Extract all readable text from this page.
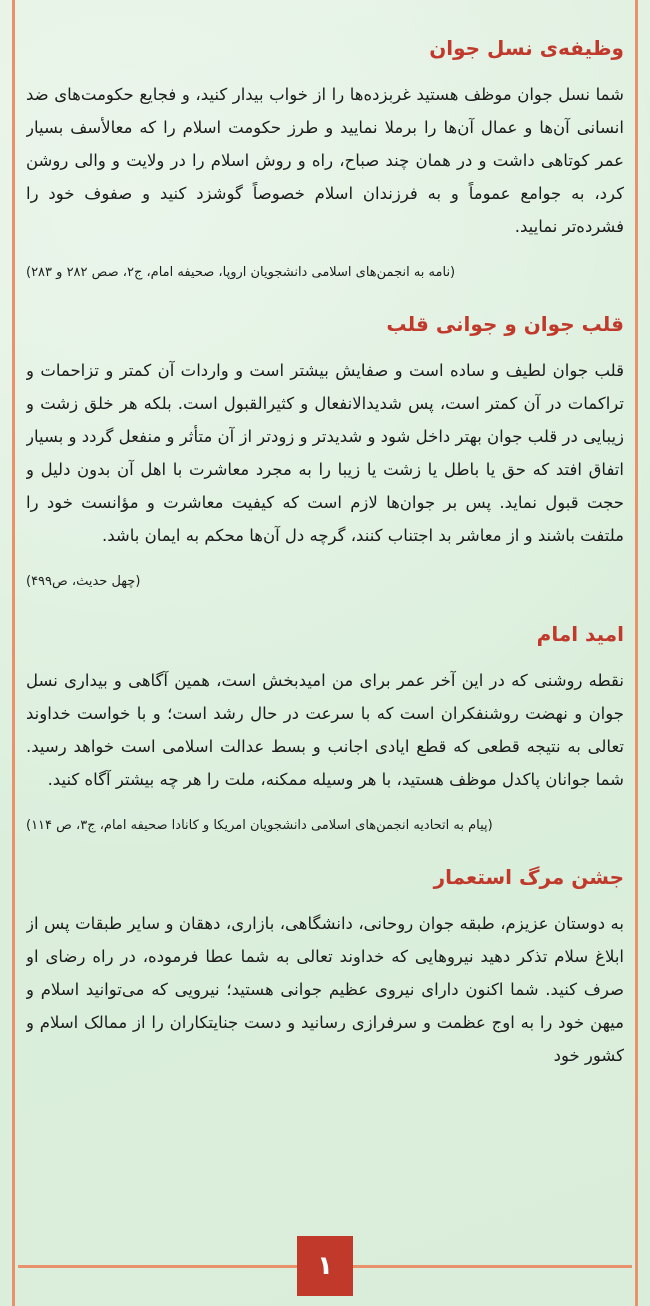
وظیفه‌ی نسل جوان

شما نسل جوان موظف هستید غربزده‌ها را از خواب بیدار کنید، و فجایع حکومت‌های ضد انسانی آن‌ها و عمال آن‌ها را برملا نمایید و طرز حکومت اسلام را که معالأسف بسیار عمر کوتاهی داشت و در همان چند صباح، راه و روش اسلام را در ولایت و والی روشن کرد، به جوامع عموماً و به فرزندان اسلام خصوصاً گوشزد کنید و صفوف خود را فشرده‌تر نمایید.

(نامه به انجمن‌های اسلامی دانشجویان اروپا، صحیفه امام، ج۲، صص ۲۸۲ و ۲۸۳)

قلب جوان و جوانی قلب

قلب جوان لطیف و ساده است و صفایش بیشتر است و واردات آن کمتر و تزاحمات و تراکمات در آن کمتر است، پس شدیدالانفعال و کثیرالقبول است. بلکه هر خلق زشت و زیبایی در قلب جوان بهتر داخل شود و شدیدتر و زودتر از آن متأثر و منفعل گردد و بسیار اتفاق افتد که حق یا باطل یا زشت یا زیبا را به مجرد معاشرت با اهل آن بدون دلیل و حجت قبول نماید. پس بر جوان‌ها لازم است که کیفیت معاشرت و مؤانست خود را ملتفت باشند و از معاشر بد اجتناب کنند، گرچه دل آن‌ها محکم به ایمان باشد.

(چهل حدیث، ص۴۹۹)

امید امام

نقطه روشنی که در این آخر عمر برای من امیدبخش است، همین آگاهی و بیداری نسل جوان و نهضت روشنفکران است که با سرعت در حال رشد است؛ و با خواست خداوند تعالی به نتیجه قطعی که قطع ایادی اجانب و بسط عدالت اسلامی است خواهد رسید. شما جوانان پاکدل موظف هستید، با هر وسیله ممکنه، ملت را هر چه بیشتر آگاه کنید.

(پیام به اتحادیه انجمن‌های اسلامی دانشجویان امریکا و کانادا صحیفه امام، ج۳، ص ۱۱۴)

جشن مرگ استعمار

به دوستان عزیزم، طبقه جوان روحانی، دانشگاهی، بازاری، دهقان و سایر طبقات پس از ابلاغ سلام تذکر دهید نیروهایی که خداوند تعالی به شما عطا فرموده، در راه رضای او صرف کنید. شما اکنون دارای نیروی عظیم جوانی هستید؛ نیرویی که می‌توانید اسلام و میهن خود را به اوج عظمت و سرفرازی رسانید و دست جنایتکاران را از ممالک اسلام و کشور خود

۱
